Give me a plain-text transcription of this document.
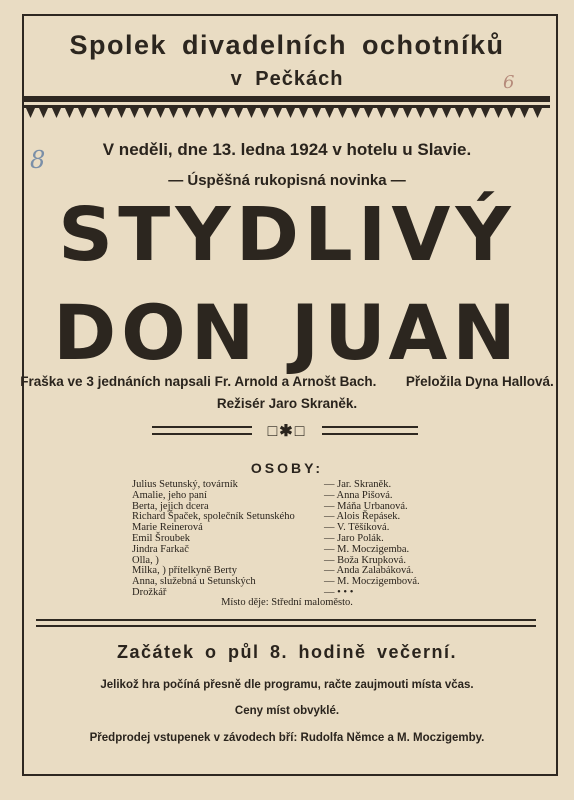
Spolek divadelních ochotníků
v Pečkách	6
V neděli, dne 13. ledna 1924 v hotelu u Slavie.
8
— Úspěšná rukopisná novinka —
STYDLIVÝ
DON JUAN
Fraška ve 3 jednáních napsali Fr. Arnold a Arnošt Bach. Přeložila Dyna Hallová.
Režisér Jaro Skraněk.
□✱□
OSOBY:
Julius Setunský, továrník	— Jar. Skraněk.
Amalie, jeho paní	— Anna Pišová.
Berta, jejich dcera	— Máňa Urbanová.
Richard Špaček, společník Setunského	— Alois Řepásek.
Marie Reinerová	— V. Těšíková.
Emil Šroubek	— Jaro Polák.
Jindra Farkač	— M. Moczigemba.
Olla, )	— Boža Krupková.
Milka, ) přítelkyně Berty	— Anda Zalabáková.
Anna, služebná u Setunských	— M. Moczigembová.
Drožkář	— • • •
Místo děje: Střední maloměsto.
Začátek o půl 8. hodině večerní.
Jelikož hra počíná přesně dle programu, račte zaujmouti místa včas.
Ceny míst obvyklé.
Předprodej vstupenek v závodech bří: Rudolfa Němce a M. Moczigemby.
